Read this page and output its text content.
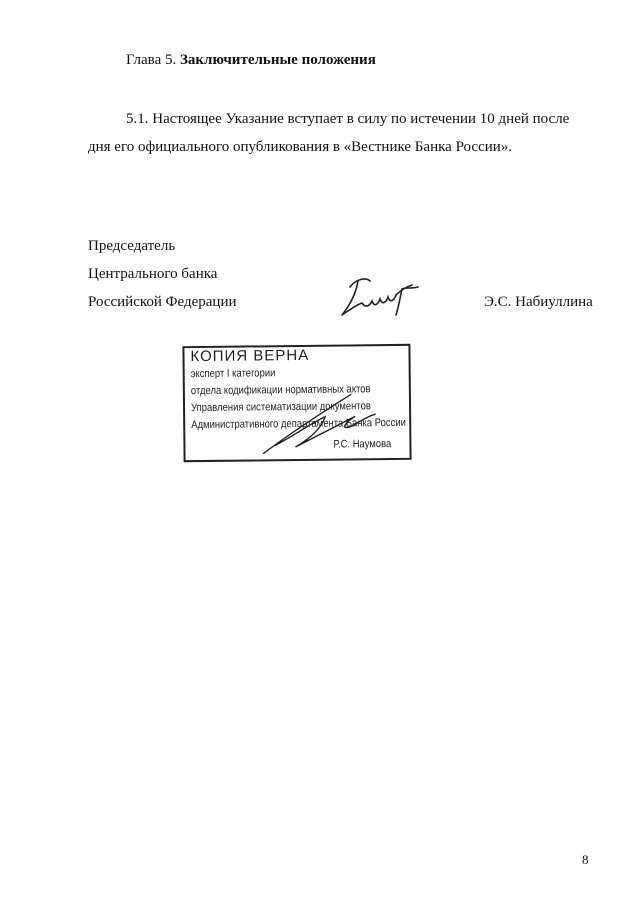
Глава 5. Заключительные положения
5.1. Настоящее Указание вступает в силу по истечении 10 дней после дня его официального опубликования в «Вестнике Банка России».
Председатель
Центрального банка
Российской Федерации	Э.С. Набиуллина
КОПИЯ ВЕРНА
эксперт I категории
отдела кодификации нормативных актов
Управления систематизации документов
Административного департамента Банка России
Р.С. Наумова
8
